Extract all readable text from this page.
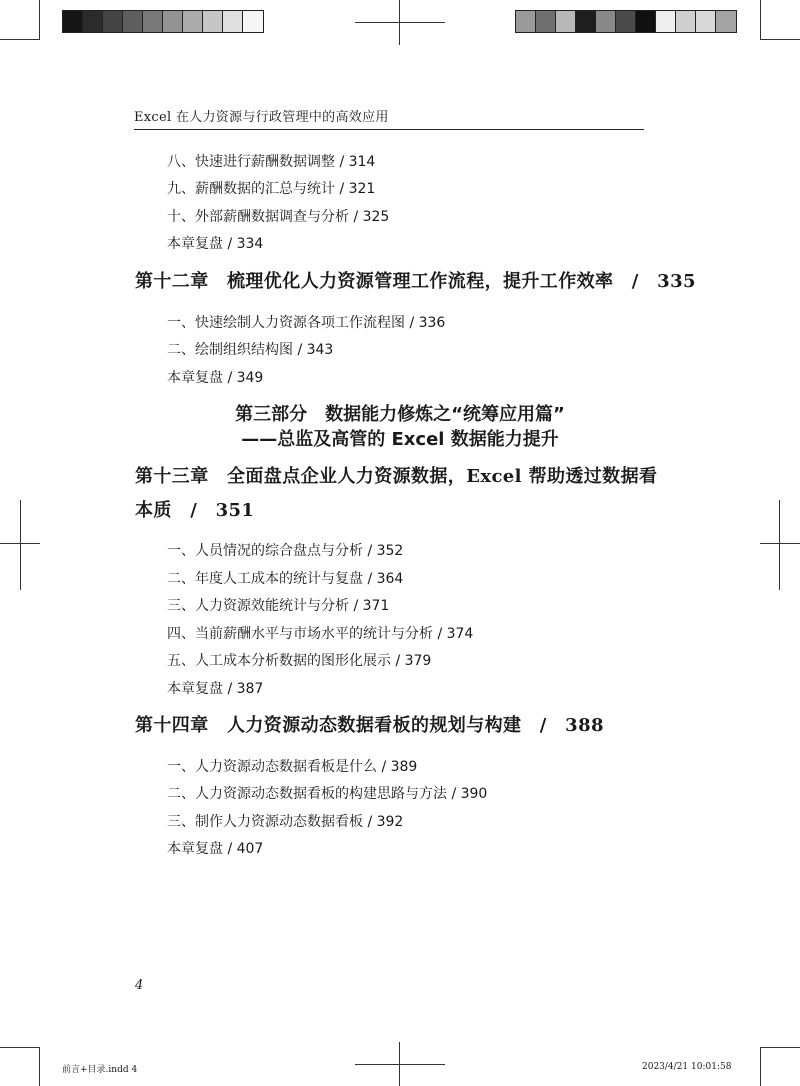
Excel 在人力资源与行政管理中的高效应用
八、快速进行薪酬数据调整 / 314
九、薪酬数据的汇总与统计 / 321
十、外部薪酬数据调查与分析 / 325
本章复盘 / 334
第十二章　梳理优化人力资源管理工作流程，提升工作效率　/　335
一、快速绘制人力资源各项工作流程图 / 336
二、绘制组织结构图 / 343
本章复盘 / 349
第三部分　数据能力修炼之“统筹应用篇”
——总监及高管的 Excel 数据能力提升
第十三章　全面盘点企业人力资源数据，Excel 帮助透过数据看
本质　/　351
一、人员情况的综合盘点与分析 / 352
二、年度人工成本的统计与复盘 / 364
三、人力资源效能统计与分析 / 371
四、当前薪酬水平与市场水平的统计与分析 / 374
五、人工成本分析数据的图形化展示 / 379
本章复盘 / 387
第十四章　人力资源动态数据看板的规划与构建　/　388
一、人力资源动态数据看板是什么 / 389
二、人力资源动态数据看板的构建思路与方法 / 390
三、制作人力资源动态数据看板 / 392
本章复盘 / 407
4
前言+目录.indd 4	2023/4/21 10:01:58
